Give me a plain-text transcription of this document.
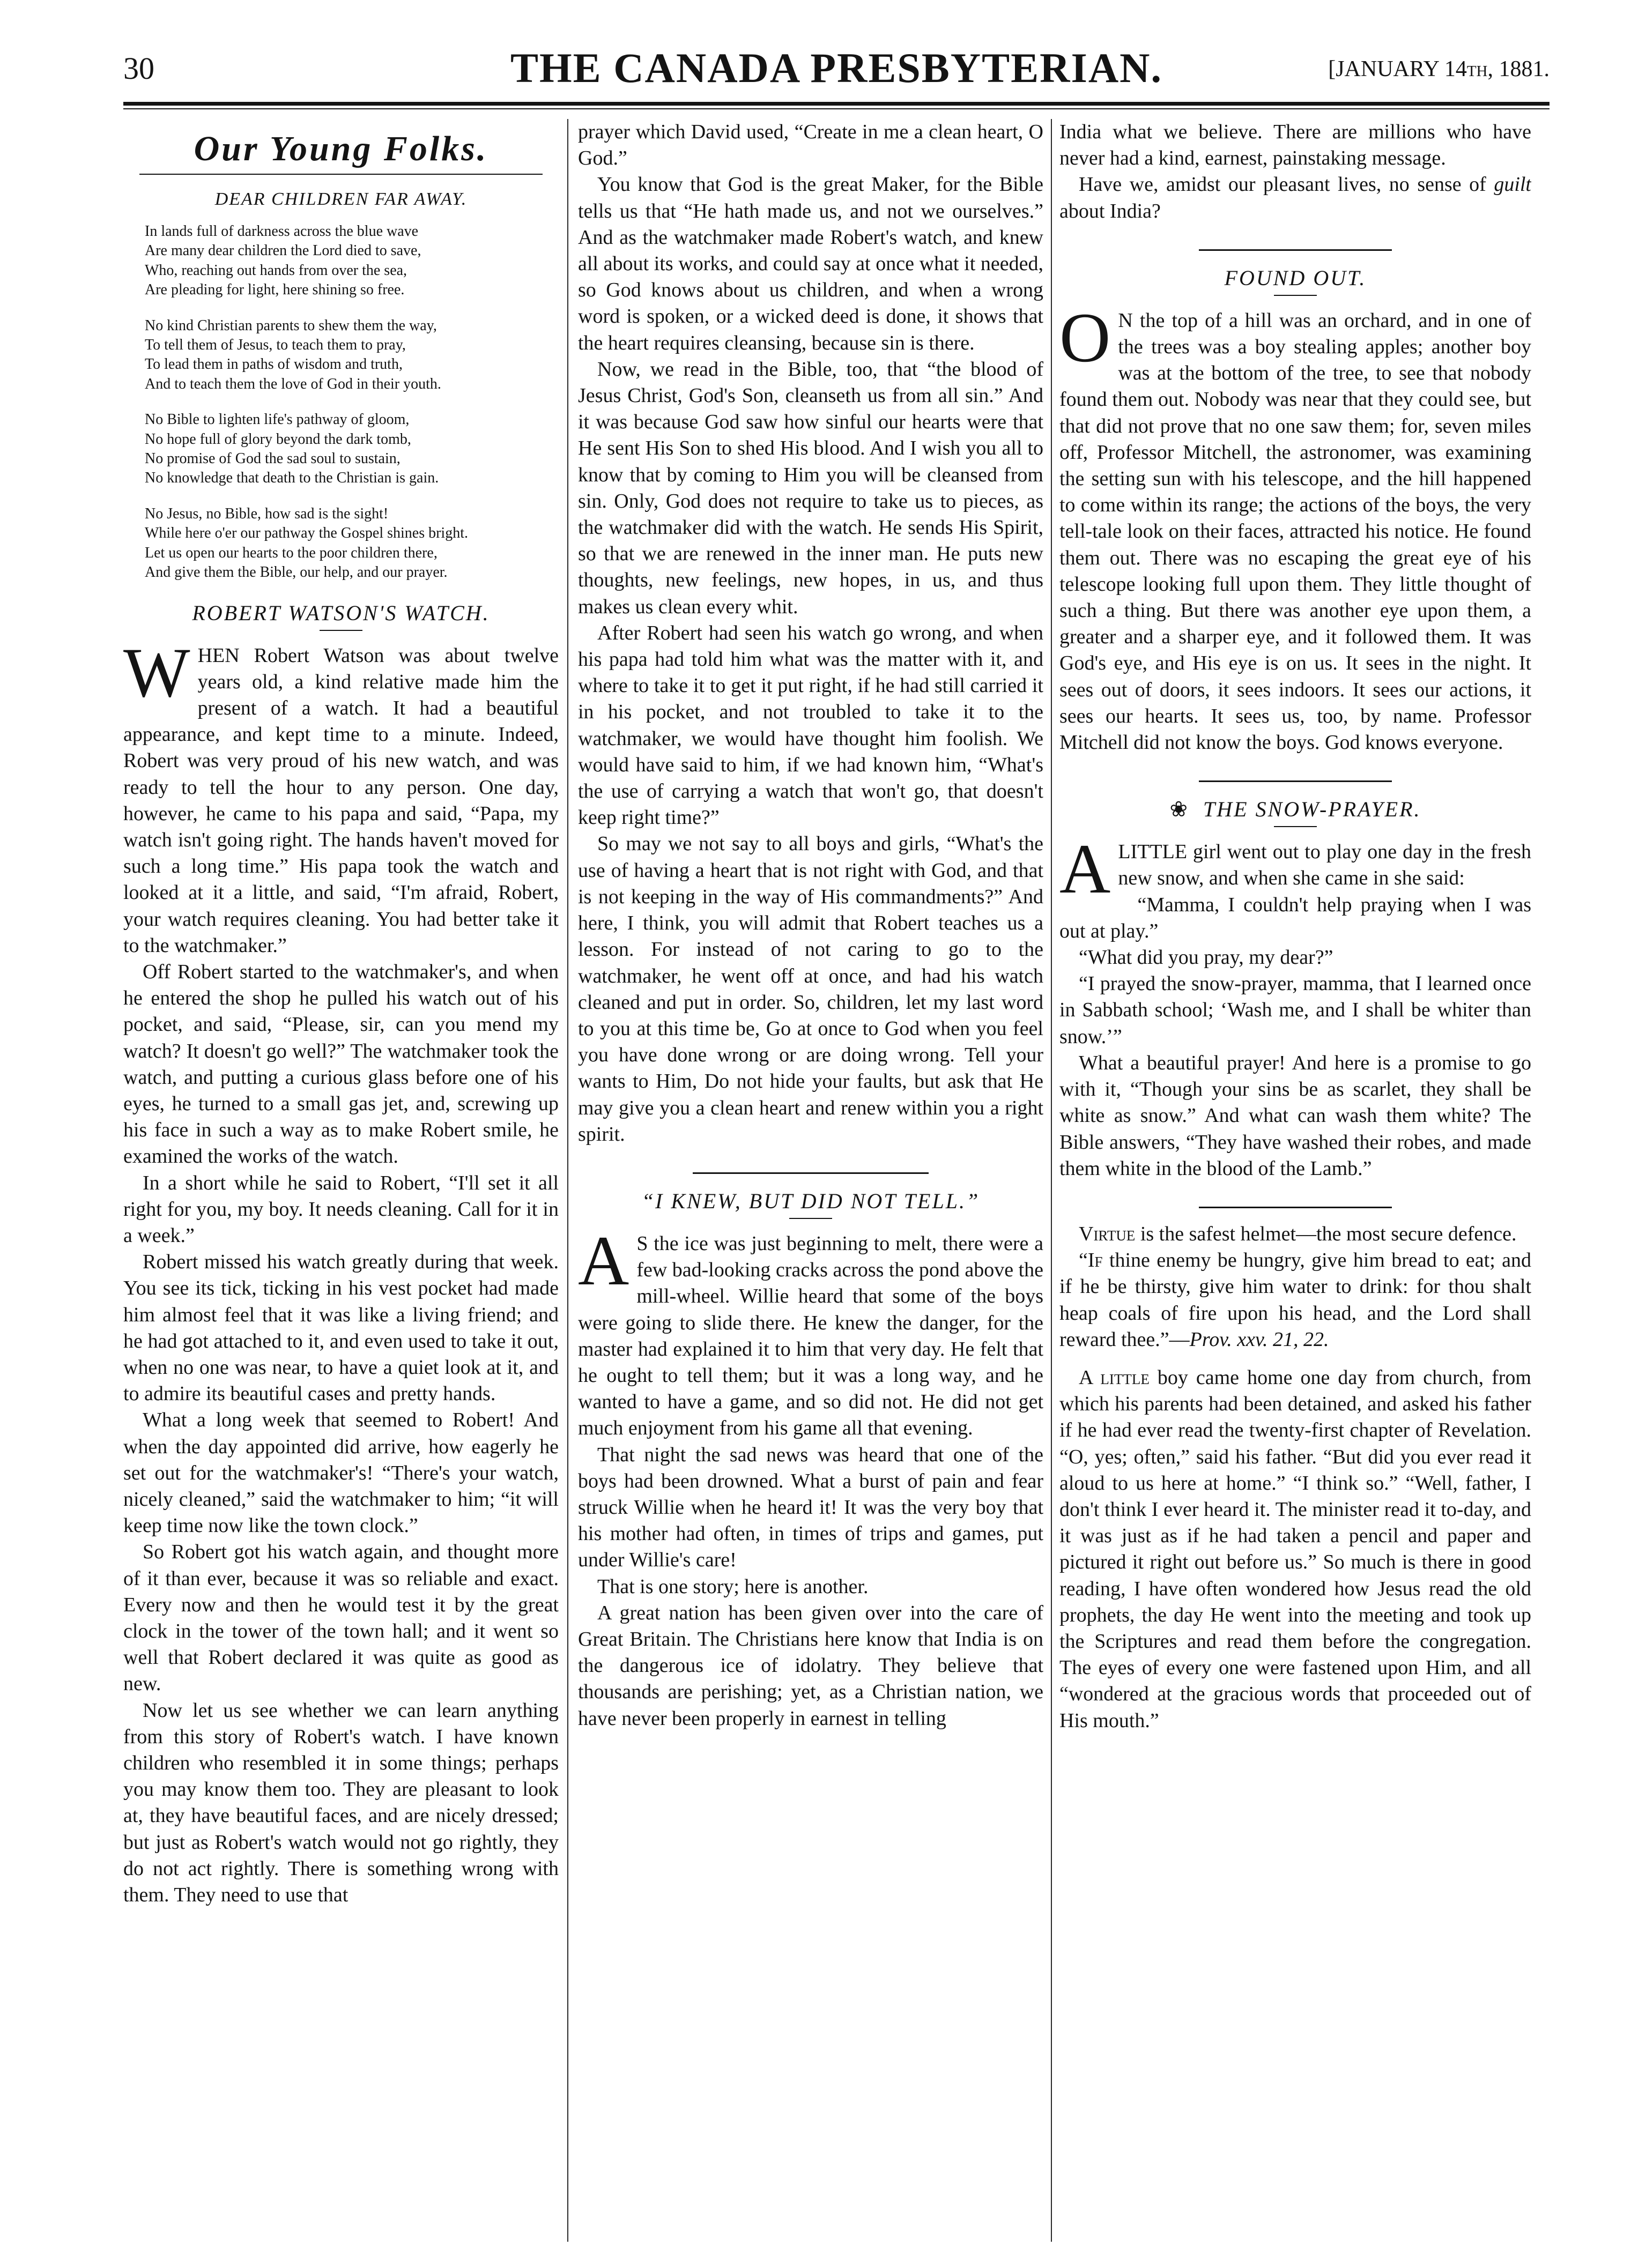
30	THE CANADA PRESBYTERIAN.	[JANUARY 14th, 1881.
Our Young Folks.
DEAR CHILDREN FAR AWAY.
In lands full of darkness across the blue wave
Are many dear children the Lord died to save,
Who, reaching out hands from over the sea,
Are pleading for light, here shining so free.
No kind Christian parents to shew them the way,
To tell them of Jesus, to teach them to pray,
To lead them in paths of wisdom and truth,
And to teach them the love of God in their youth.
No Bible to lighten life's pathway of gloom,
No hope full of glory beyond the dark tomb,
No promise of God the sad soul to sustain,
No knowledge that death to the Christian is gain.
No Jesus, no Bible, how sad is the sight!
While here o'er our pathway the Gospel shines bright.
Let us open our hearts to the poor children there,
And give them the Bible, our help, and our prayer.
ROBERT WATSON'S WATCH.

WHEN Robert Watson was about twelve years old, a kind relative made him the present of a watch. It had a beautiful appearance, and kept time to a minute. Indeed, Robert was very proud of his new watch, and was ready to tell the hour to any person. One day, however, he came to his papa and said, “Papa, my watch isn't going right. The hands haven't moved for such a long time.” His papa took the watch and looked at it a little, and said, “I'm afraid, Robert, your watch requires cleaning. You had better take it to the watchmaker.”

Off Robert started to the watchmaker's, and when he entered the shop he pulled his watch out of his pocket, and said, “Please, sir, can you mend my watch? It doesn't go well?” The watchmaker took the watch, and putting a curious glass before one of his eyes, he turned to a small gas jet, and, screwing up his face in such a way as to make Robert smile, he examined the works of the watch.

In a short while he said to Robert, “I'll set it all right for you, my boy. It needs cleaning. Call for it in a week.”

Robert missed his watch greatly during that week. You see its tick, ticking in his vest pocket had made him almost feel that it was like a living friend; and he had got attached to it, and even used to take it out, when no one was near, to have a quiet look at it, and to admire its beautiful cases and pretty hands.

What a long week that seemed to Robert! And when the day appointed did arrive, how eagerly he set out for the watchmaker's! “There's your watch, nicely cleaned,” said the watchmaker to him; “it will keep time now like the town clock.”

So Robert got his watch again, and thought more of it than ever, because it was so reliable and exact. Every now and then he would test it by the great clock in the tower of the town hall; and it went so well that Robert declared it was quite as good as new.

Now let us see whether we can learn anything from this story of Robert's watch. I have known children who resembled it in some things; perhaps you may know them too. They are pleasant to look at, they have beautiful faces, and are nicely dressed; but just as Robert's watch would not go rightly, they do not act rightly. There is something wrong with them. They need to use that

prayer which David used, “Create in me a clean heart, O God.”

You know that God is the great Maker, for the Bible tells us that “He hath made us, and not we ourselves.” And as the watchmaker made Robert's watch, and knew all about its works, and could say at once what it needed, so God knows about us children, and when a wrong word is spoken, or a wicked deed is done, it shows that the heart requires cleansing, because sin is there.

Now, we read in the Bible, too, that “the blood of Jesus Christ, God's Son, cleanseth us from all sin.” And it was because God saw how sinful our hearts were that He sent His Son to shed His blood. And I wish you all to know that by coming to Him you will be cleansed from sin. Only, God does not require to take us to pieces, as the watchmaker did with the watch. He sends His Spirit, so that we are renewed in the inner man. He puts new thoughts, new feelings, new hopes, in us, and thus makes us clean every whit.

After Robert had seen his watch go wrong, and when his papa had told him what was the matter with it, and where to take it to get it put right, if he had still carried it in his pocket, and not troubled to take it to the watchmaker, we would have thought him foolish. We would have said to him, if we had known him, “What's the use of carrying a watch that won't go, that doesn't keep right time?”

So may we not say to all boys and girls, “What's the use of having a heart that is not right with God, and that is not keeping in the way of His commandments?” And here, I think, you will admit that Robert teaches us a lesson. For instead of not caring to go to the watchmaker, he went off at once, and had his watch cleaned and put in order. So, children, let my last word to you at this time be, Go at once to God when you feel you have done wrong or are doing wrong. Tell your wants to Him, Do not hide your faults, but ask that He may give you a clean heart and renew within you a right spirit.

“I KNEW, BUT DID NOT TELL.”

A S the ice was just beginning to melt, there were a few bad-looking cracks across the pond above the mill-wheel. Willie heard that some of the boys were going to slide there. He knew the danger, for the master had explained it to him that very day. He felt that he ought to tell them; but it was a long way, and he wanted to have a game, and so did not. He did not get much enjoyment from his game all that evening.

That night the sad news was heard that one of the boys had been drowned. What a burst of pain and fear struck Willie when he heard it! It was the very boy that his mother had often, in times of trips and games, put under Willie's care!

That is one story; here is another.

A great nation has been given over into the care of Great Britain. The Christians here know that India is on the dangerous ice of idolatry. They believe that thousands are perishing; yet, as a Christian nation, we have never been properly in earnest in telling

India what we believe. There are millions who have never had a kind, earnest, painstaking message.

Have we, amidst our pleasant lives, no sense of guilt about India?

FOUND OUT.

O N the top of a hill was an orchard, and in one of the trees was a boy stealing apples; another boy was at the bottom of the tree, to see that nobody found them out. Nobody was near that they could see, but that did not prove that no one saw them; for, seven miles off, Professor Mitchell, the astronomer, was examining the setting sun with his telescope, and the hill happened to come within its range; the actions of the boys, the very tell-tale look on their faces, attracted his notice. He found them out. There was no escaping the great eye of his telescope looking full upon them. They little thought of such a thing. But there was another eye upon them, a greater and a sharper eye, and it followed them. It was God's eye, and His eye is on us. It sees in the night. It sees out of doors, it sees indoors. It sees our actions, it sees our hearts. It sees us, too, by name. Professor Mitchell did not know the boys. God knows everyone.

❀ THE SNOW-PRAYER.

A LITTLE girl went out to play one day in the fresh new snow, and when she came in she said:

“Mamma, I couldn't help praying when I was out at play.”

“What did you pray, my dear?”

“I prayed the snow-prayer, mamma, that I learned once in Sabbath school; ‘Wash me, and I shall be whiter than snow.’”

What a beautiful prayer! And here is a promise to go with it, “Though your sins be as scarlet, they shall be white as snow.” And what can wash them white? The Bible answers, “They have washed their robes, and made them white in the blood of the Lamb.”

Virtue is the safest helmet—the most secure defence.

“If thine enemy be hungry, give him bread to eat; and if he be thirsty, give him water to drink: for thou shalt heap coals of fire upon his head, and the Lord shall reward thee.”—Prov. xxv. 21, 22.

A little boy came home one day from church, from which his parents had been detained, and asked his father if he had ever read the twenty-first chapter of Revelation. “O, yes; often,” said his father. “But did you ever read it aloud to us here at home.” “I think so.” “Well, father, I don't think I ever heard it. The minister read it to-day, and it was just as if he had taken a pencil and paper and pictured it right out before us.” So much is there in good reading, I have often wondered how Jesus read the old prophets, the day He went into the meeting and took up the Scriptures and read them before the congregation. The eyes of every one were fastened upon Him, and all “wondered at the gracious words that proceeded out of His mouth.”
